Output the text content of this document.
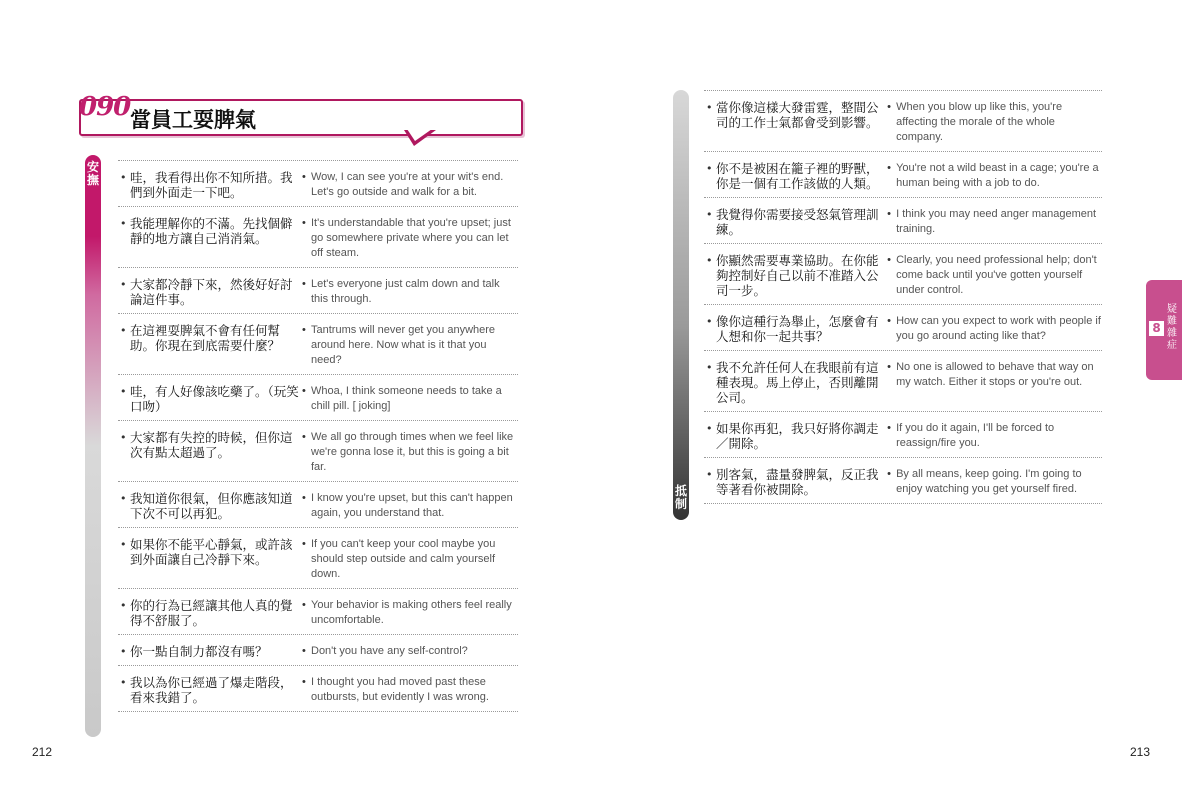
090 當員工耍脾氣
安撫	• 哇，我看得出你不知所措。我們到外面走一下吧。
• Wow, I can see you're at your wit's end. Let's go outside and walk for a bit.
• 我能理解你的不滿。先找個僻靜的地方讓自己消消氣。
• It's understandable that you're upset; just go somewhere private where you can let off steam.
• 大家都冷靜下來，然後好好討論這件事。
• Let's everyone just calm down and talk this through.
• 在這裡耍脾氣不會有任何幫助。你現在到底需要什麼？
• Tantrums will never get you anywhere around here. Now what is it that you need?
• 哇，有人好像該吃藥了。（玩笑口吻）
• Whoa, I think someone needs to take a chill pill. [ joking]
• 大家都有失控的時候，但你這次有點太超過了。
• We all go through times when we feel like we're gonna lose it, but this is going a bit far.
• 我知道你很氣，但你應該知道下次不可以再犯。
• I know you're upset, but this can't happen again, you understand that.
• 如果你不能平心靜氣，或許該到外面讓自己冷靜下來。
• If you can't keep your cool maybe you should step outside and calm yourself down.
• 你的行為已經讓其他人真的覺得不舒服了。
• Your behavior is making others feel really uncomfortable.
• 你一點自制力都沒有嗎？	• Don't you have any self-control?
• 我以為你已經過了爆走階段，看來我錯了。
• I thought you had moved past these outbursts, but evidently I was wrong.
212
抵制
• 當你像這樣大發雷霆，整間公司的工作士氣都會受到影響。
• When you blow up like this, you're affecting the morale of the whole company.
• 你不是被困在籠子裡的野獸，你是一個有工作該做的人類。
• You're not a wild beast in a cage; you're a human being with a job to do.
• 我覺得你需要接受怒氣管理訓練。
• I think you may need anger management training.
• 你顯然需要專業協助。在你能夠控制好自己以前不准踏入公司一步。
• Clearly, you need professional help; don't come back until you've gotten yourself under control.
• 像你這種行為舉止，怎麼會有人想和你一起共事？
• How can you expect to work with people if you go around acting like that?
• 我不允許任何人在我眼前有這種表現。馬上停止，否則離開公司。
• No one is allowed to behave that way on my watch. Either it stops or you're out.
• 如果你再犯，我只好將你調走／開除。
• If you do it again, I'll be forced to reassign/fire you.
• 別客氣，盡量發脾氣，反正我等著看你被開除。
• By all means, keep going. I'm going to enjoy watching you get yourself fired.
8
疑難雜症
213
